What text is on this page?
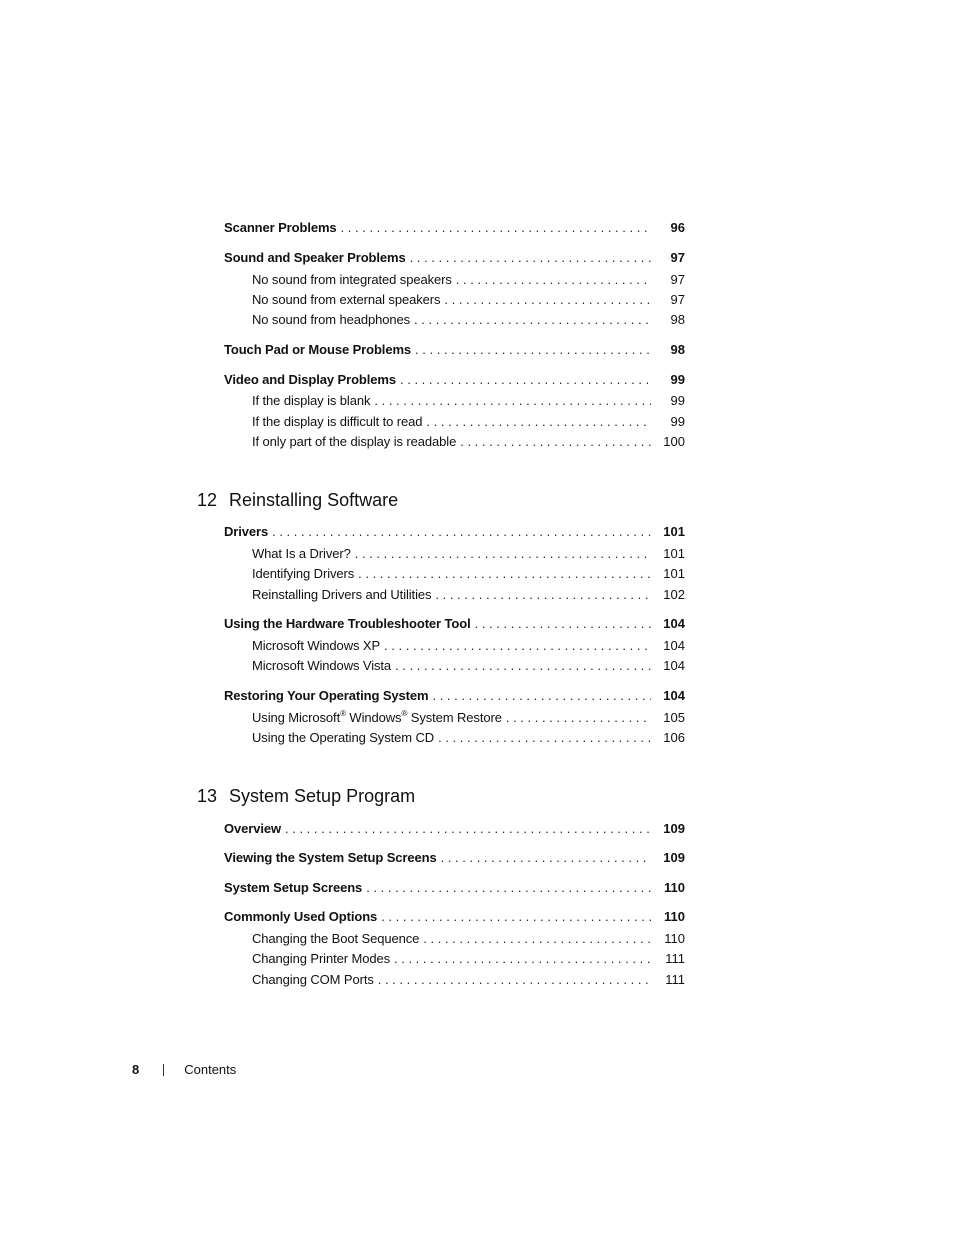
Scanner Problems . . .	96
Sound and Speaker Problems . . .	97
No sound from integrated speakers . . .	97
No sound from external speakers . . .	97
No sound from headphones . . .	98
Touch Pad or Mouse Problems . . .	98
Video and Display Problems . . .	99
If the display is blank . . .	99
If the display is difficult to read . . .	99
If only part of the display is readable . . .	100
12 Reinstalling Software
Drivers . . .	101
What Is a Driver? . . .	101
Identifying Drivers . . .	101
Reinstalling Drivers and Utilities . . .	102
Using the Hardware Troubleshooter Tool . . .	104
Microsoft Windows XP . . .	104
Microsoft Windows Vista . . .	104
Restoring Your Operating System . . .	104
Using Microsoft® Windows® System Restore . . .	105
Using the Operating System CD . . .	106
13 System Setup Program
Overview . . .	109
Viewing the System Setup Screens . . .	109
System Setup Screens . . .	110
Commonly Used Options . . .	110
Changing the Boot Sequence . . .	110
Changing Printer Modes . . .	111
Changing COM Ports . . .	111
8	Contents
